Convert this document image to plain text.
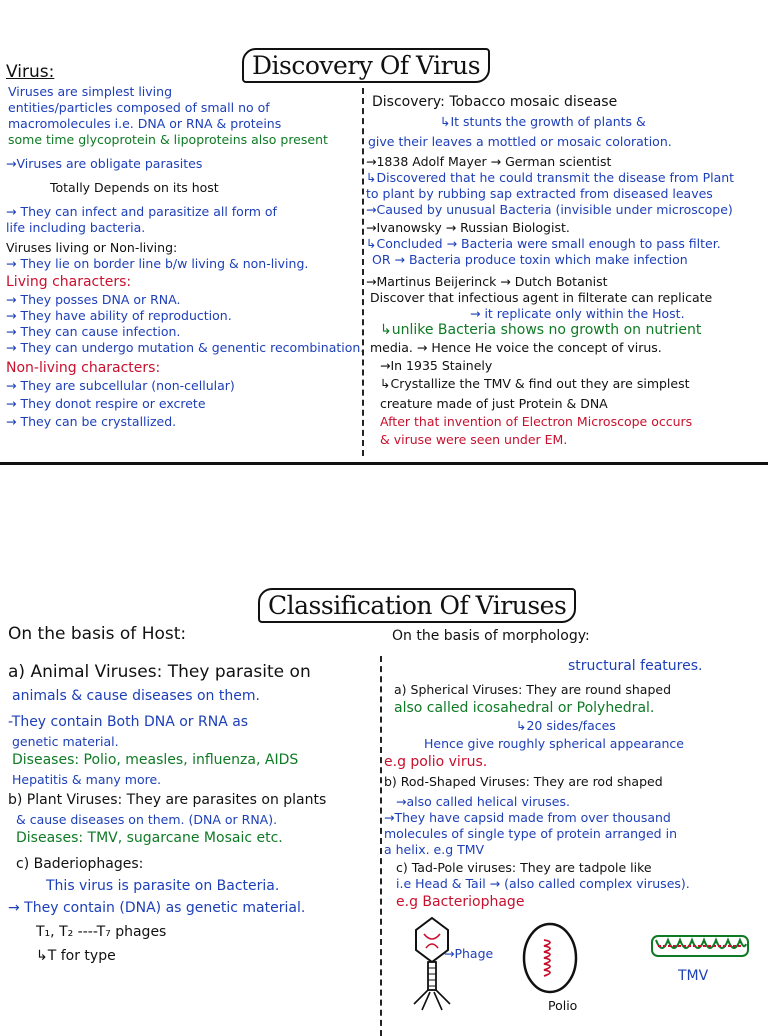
Discovery Of Virus
Virus:
Viruses are simplest living
entities/particles composed of small no of
macromolecules i.e. DNA or RNA & proteins
some time glycoprotein & lipoproteins also present
→Viruses are obligate parasites
Totally Depends on its host
→ They can infect and parasitize all form of
life including bacteria.
Viruses living or Non-living:
→ They lie on border line b/w living & non-living.
Living characters:
→ They posses DNA or RNA.
→ They have ability of reproduction.
→ They can cause infection.
→ They can undergo mutation & genentic recombination.
Non-living characters:
→ They are subcellular (non-cellular)
→ They donot respire or excrete
→ They can be crystallized.
Discovery: Tobacco mosaic disease
↳It stunts the growth of plants &
give their leaves a mottled or mosaic coloration.
→1838 Adolf Mayer → German scientist
↳Discovered that he could transmit the disease from Plant
to plant by rubbing sap extracted from diseased leaves
→Caused by unusual Bacteria (invisible under microscope)
→Ivanowsky → Russian Biologist.
↳Concluded → Bacteria were small enough to pass filter.
OR → Bacteria produce toxin which make infection
→Martinus Beijerinck → Dutch Botanist
Discover that infectious agent in filterate can replicate
→ it replicate only within the Host.
↳unlike Bacteria shows no growth on nutrient
media. → Hence He voice the concept of virus.
→In 1935 Stainely
↳Crystallize the TMV & find out they are simplest
creature made of just Protein & DNA
After that invention of Electron Microscope occurs
& viruse were seen under EM.
Classification Of Viruses
On the basis of Host:
a) Animal Viruses: They parasite on
animals & cause diseases on them.
-They contain Both DNA or RNA as
genetic material.
Diseases: Polio, measles, influenza, AIDS
Hepatitis & many more.
b) Plant Viruses: They are parasites on plants
& cause diseases on them. (DNA or RNA).
Diseases: TMV, sugarcane Mosaic etc.
c) Baderiophages:
This virus is parasite on Bacteria.
→ They contain (DNA) as genetic material.
T₁, T₂ ----T₇ phages
↳T for type
On the basis of morphology:
structural features.
a) Spherical Viruses: They are round shaped
also called icosahedral or Polyhedral.
↳20 sides/faces
Hence give roughly spherical appearance
e.g polio virus.
b) Rod-Shaped Viruses: They are rod shaped
→also called helical viruses.
→They have capsid made from over thousand
molecules of single type of protein arranged in
a helix. e.g TMV
c) Tad-Pole viruses: They are tadpole like
i.e Head & Tail → (also called complex viruses).
e.g Bacteriophage
→Phage
Polio
TMV
